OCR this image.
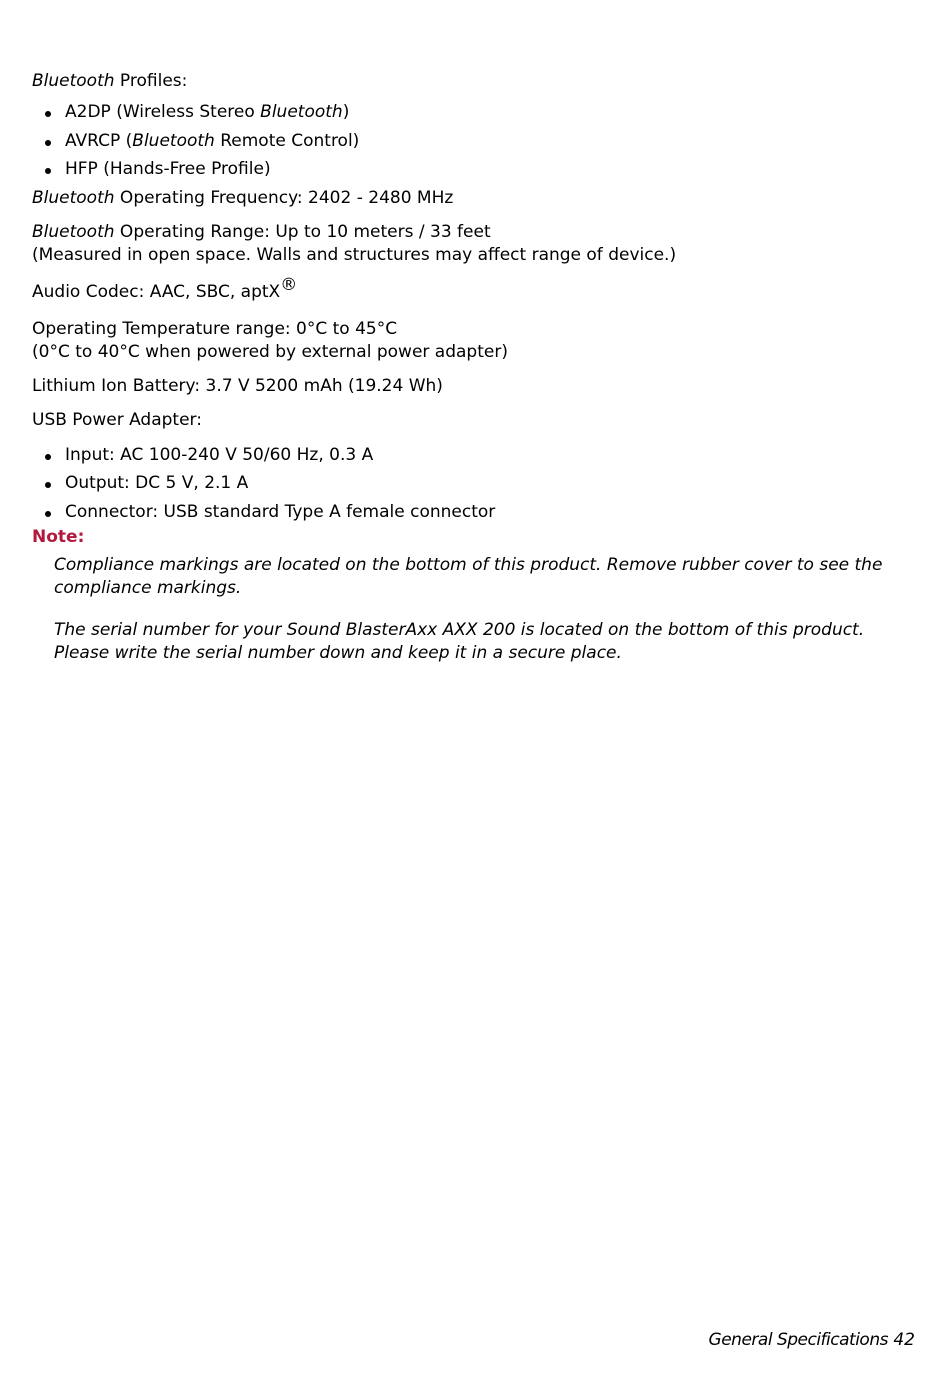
Bluetooth Profiles:

A2DP (Wireless Stereo Bluetooth)
AVRCP (Bluetooth Remote Control)
HFP (Hands-Free Profile)

Bluetooth Operating Frequency: 2402 - 2480 MHz

Bluetooth Operating Range: Up to 10 meters / 33 feet

(Measured in open space. Walls and structures may affect range of device.)

Audio Codec: AAC, SBC, aptX®

Operating Temperature range: 0°C to 45°C

(0°C to 40°C when powered by external power adapter)

Lithium Ion Battery: 3.7 V 5200 mAh (19.24 Wh)

USB Power Adapter:

Input: AC 100-240 V 50/60 Hz, 0.3 A
Output: DC 5 V, 2.1 A
Connector: USB standard Type A female connector

Note:

Compliance markings are located on the bottom of this product. Remove rubber cover to see the compliance markings.

The serial number for your Sound BlasterAxx AXX 200 is located on the bottom of this product. Please write the serial number down and keep it in a secure place.

General Specifications 42
